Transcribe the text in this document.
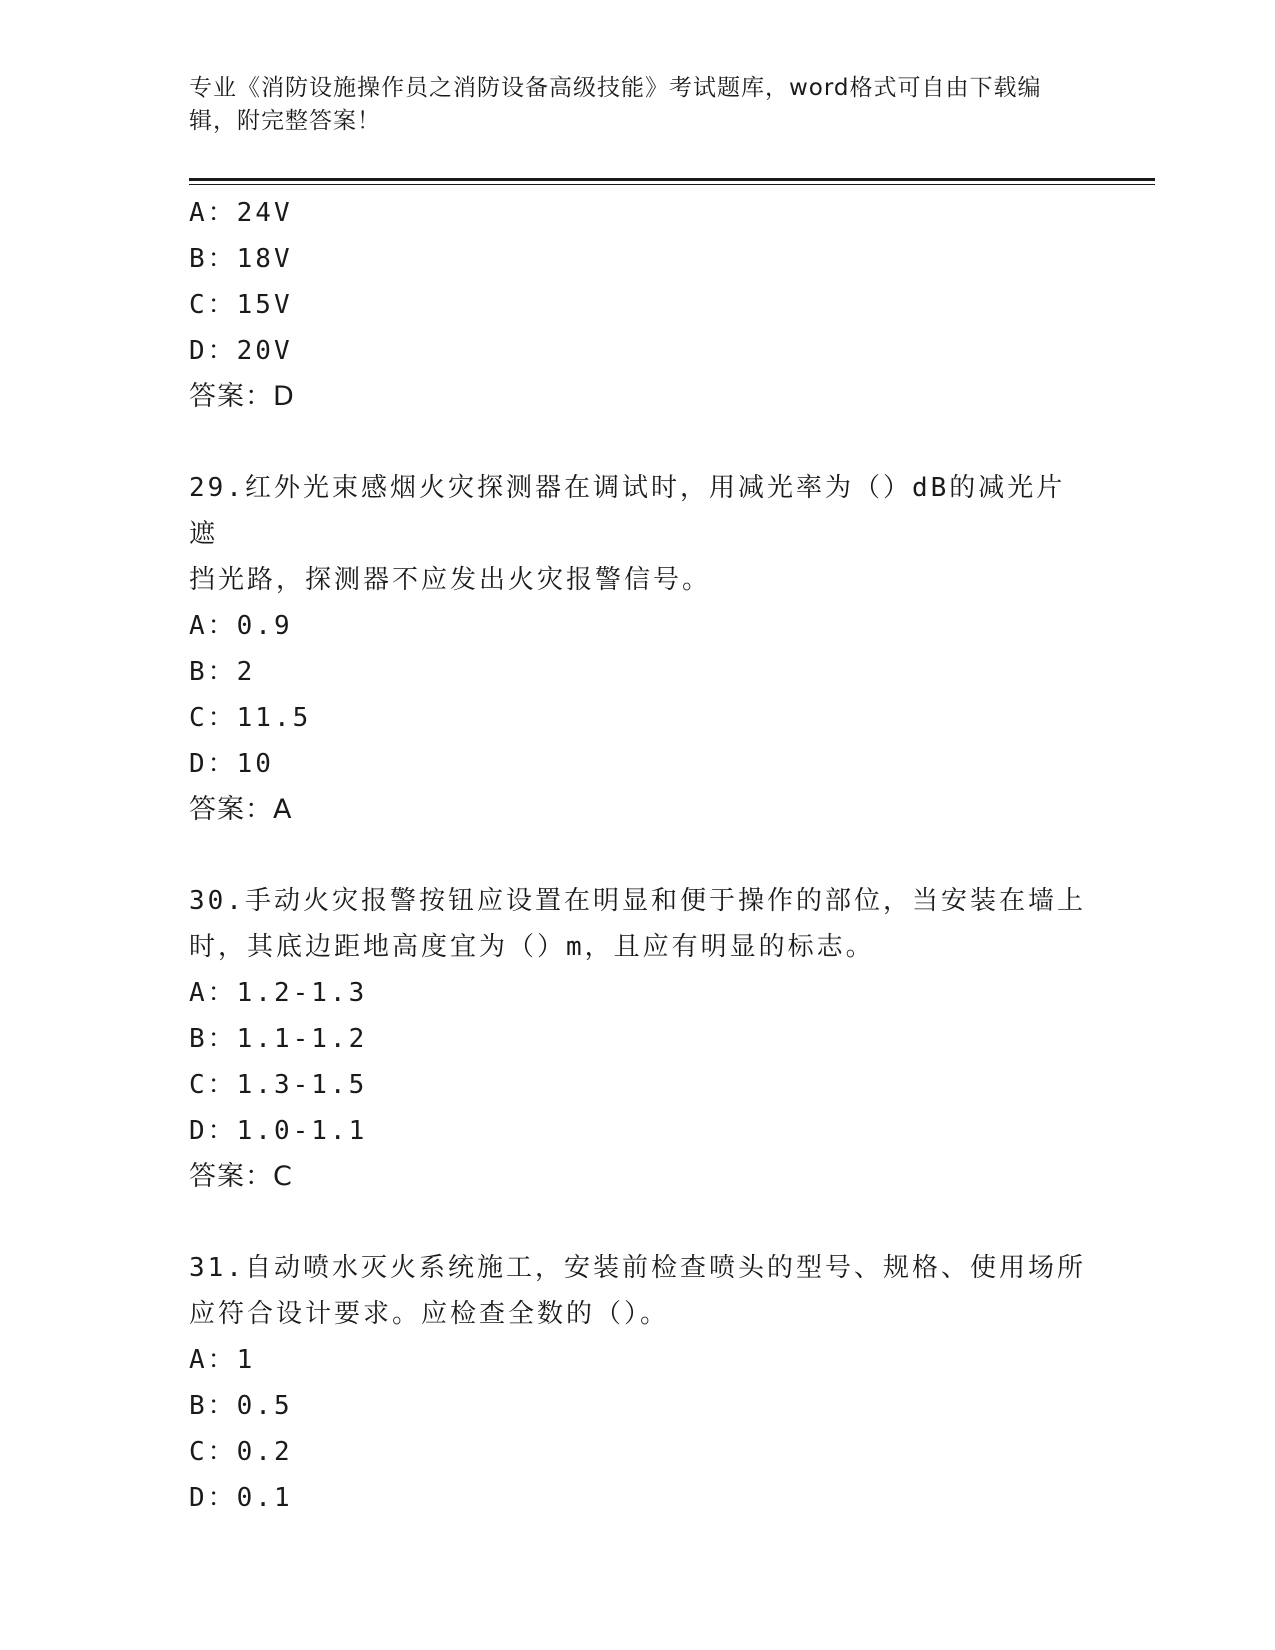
专业《消防设施操作员之消防设备高级技能》考试题库，word格式可自由下载编
辑，附完整答案！
A：24V
B：18V
C：15V
D：20V
答案：D
29.红外光束感烟火灾探测器在调试时，用减光率为（）dB的减光片遮
挡光路，探测器不应发出火灾报警信号。
A：0.9
B：2
C：11.5
D：10
答案：A
30.手动火灾报警按钮应设置在明显和便于操作的部位，当安装在墙上
时，其底边距地高度宜为（）m，且应有明显的标志。
A：1.2-1.3
B：1.1-1.2
C：1.3-1.5
D：1.0-1.1
答案：C
31.自动喷水灭火系统施工，安装前检查喷头的型号、规格、使用场所
应符合设计要求。应检查全数的（）。
A：1
B：0.5
C：0.2
D：0.1
